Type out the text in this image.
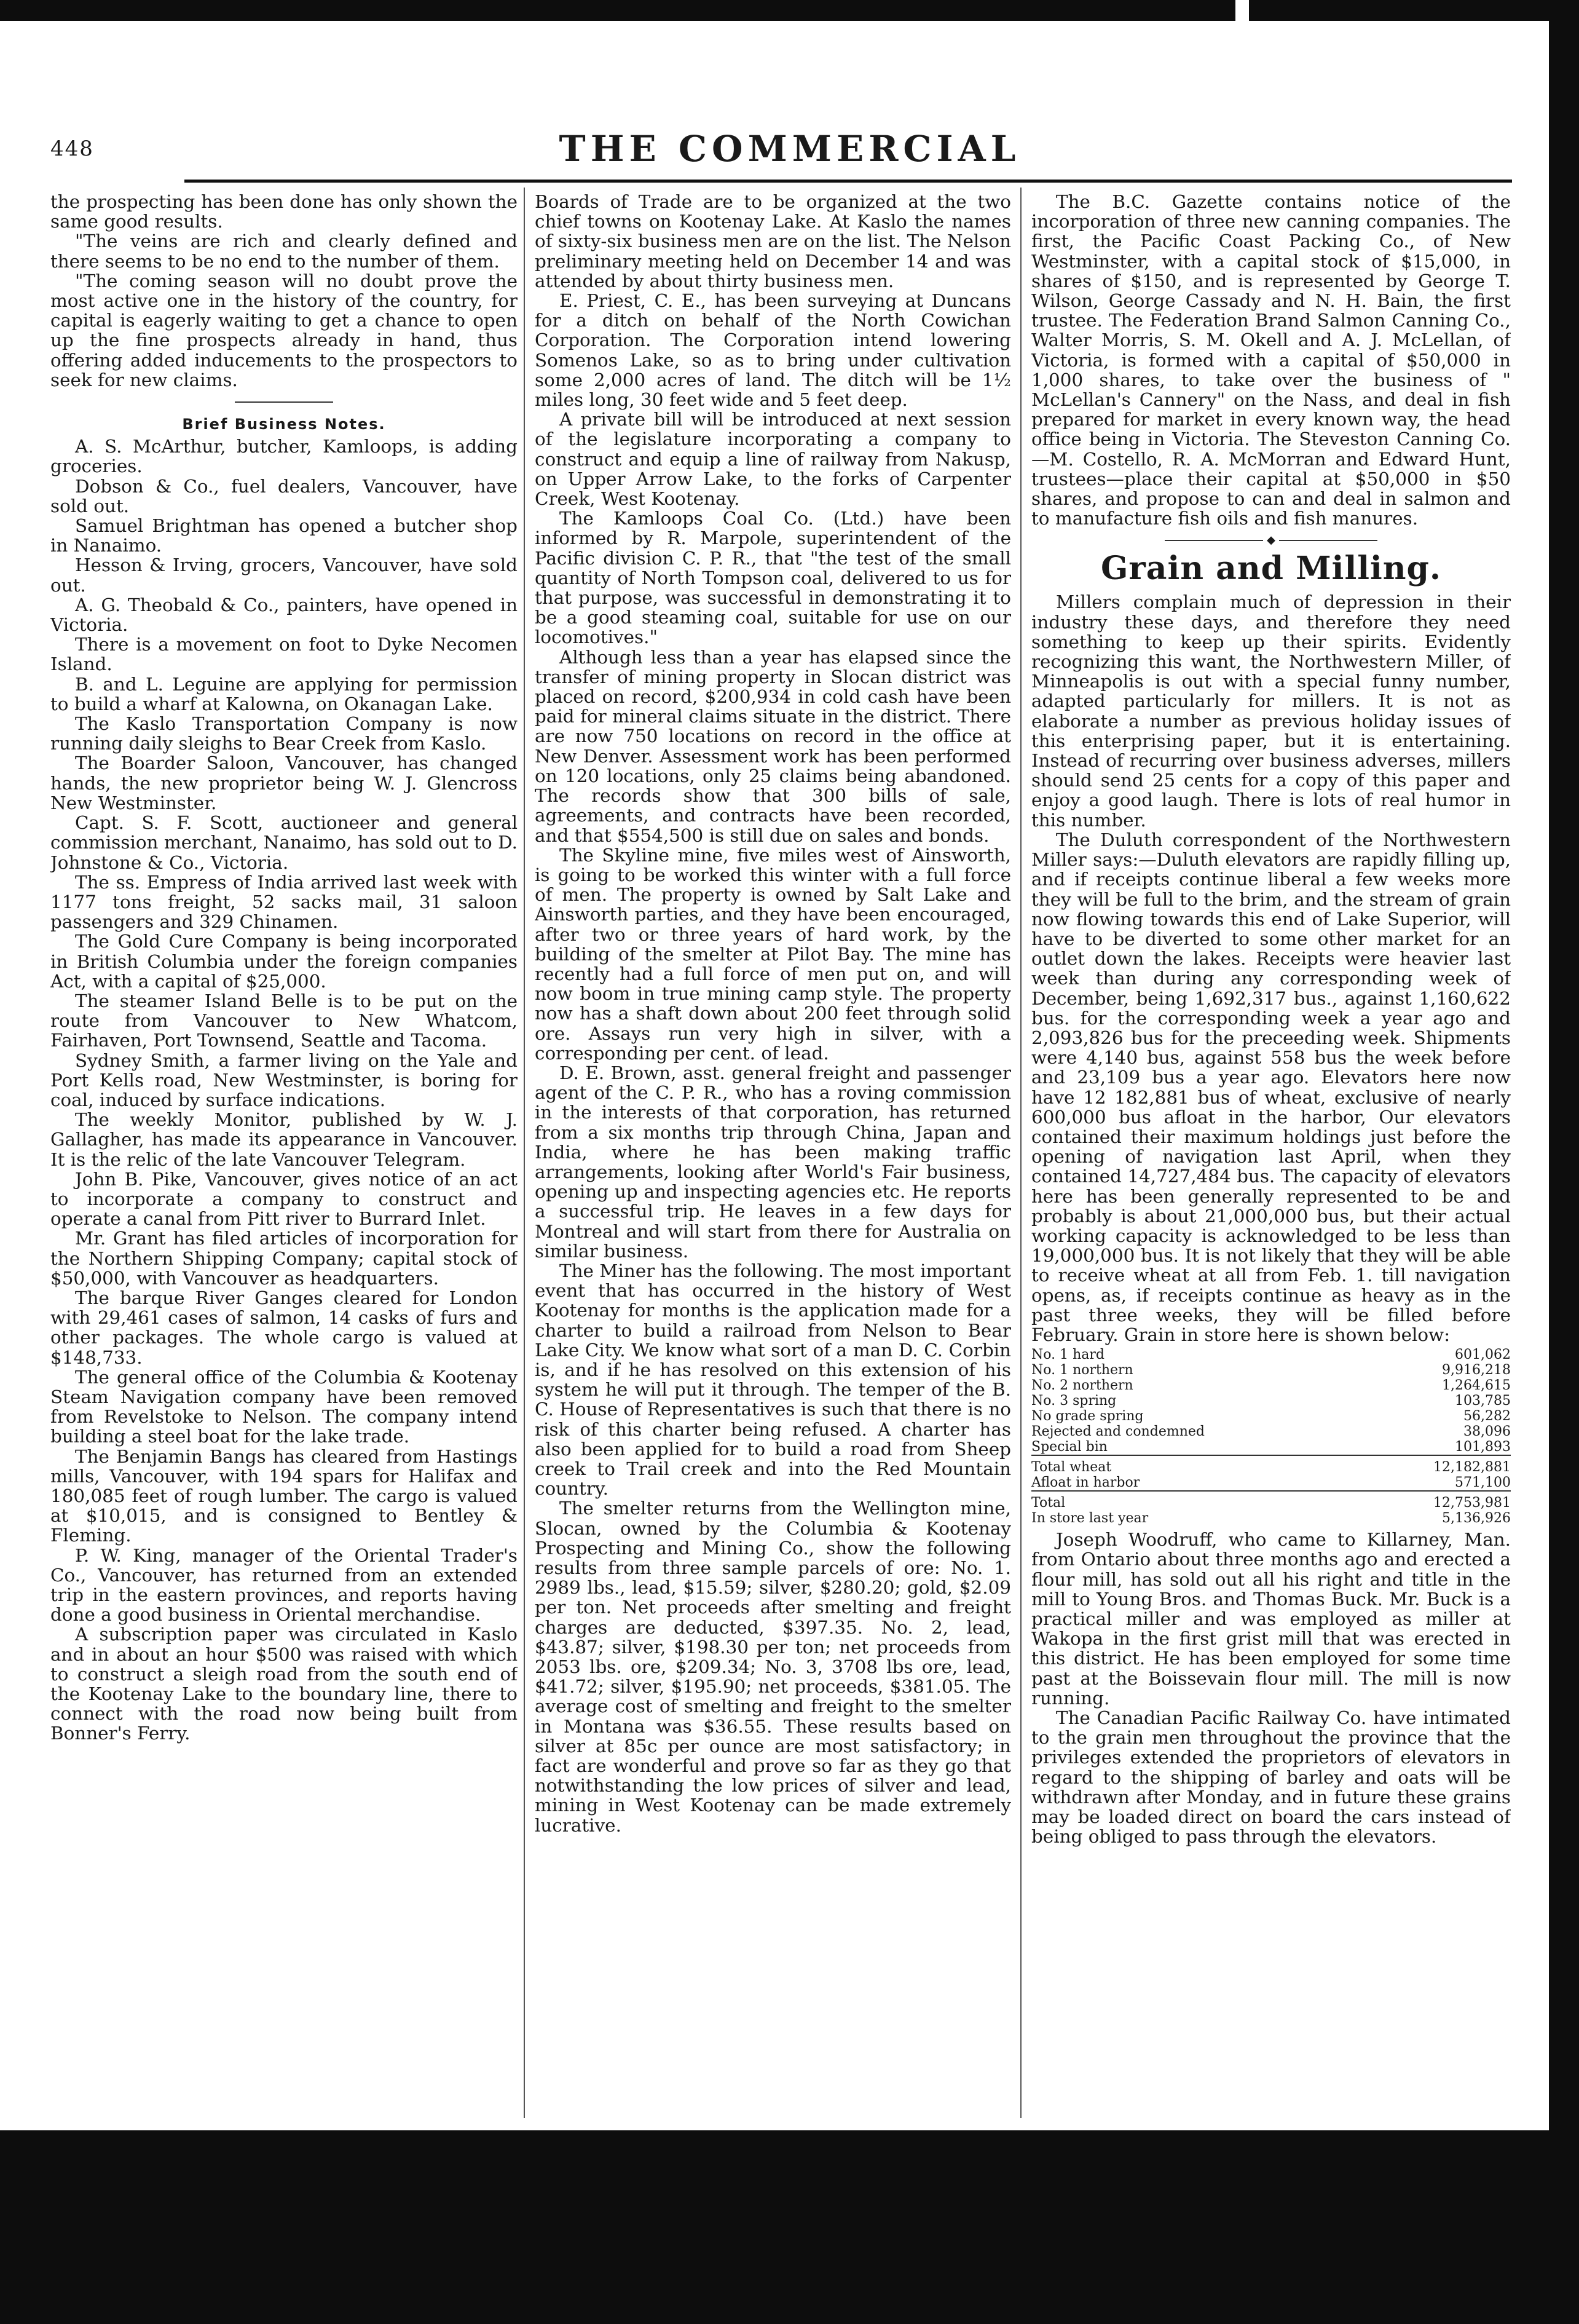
448	THE COMMERCIAL

the prospecting has been done has only shown the same good results.

"The veins are rich and clearly defined and there seems to be no end to the number of them.

"The coming season will no doubt prove the most active one in the history of the country, for capital is eagerly waiting to get a chance to open up the fine prospects already in hand, thus offering added inducements to the prospectors to seek for new claims.

Brief Business Notes.

A. S. McArthur, butcher, Kamloops, is adding groceries.

Dobson & Co., fuel dealers, Vancouver, have sold out.

Samuel Brightman has opened a butcher shop in Nanaimo.

Hesson & Irving, grocers, Vancouver, have sold out.

A. G. Theobald & Co., painters, have opened in Victoria.

There is a movement on foot to Dyke Necomen Island.

B. and L. Leguine are applying for permission to build a wharf at Kalowna, on Okanagan Lake.

The Kaslo Transportation Company is now running daily sleighs to Bear Creek from Kaslo.

The Boarder Saloon, Vancouver, has changed hands, the new proprietor being W. J. Glencross New Westminster.

Capt. S. F. Scott, auctioneer and general commission merchant, Nanaimo, has sold out to D. Johnstone & Co., Victoria.

The ss. Empress of India arrived last week with 1177 tons freight, 52 sacks mail, 31 saloon passengers and 329 Chinamen.

The Gold Cure Company is being incorporated in British Columbia under the foreign companies Act, with a capital of $25,000.

The steamer Island Belle is to be put on the route from Vancouver to New Whatcom, Fairhaven, Port Townsend, Seattle and Tacoma.

Sydney Smith, a farmer living on the Yale and Port Kells road, New Westminster, is boring for coal, induced by surface indications.

The weekly Monitor, published by W. J. Gallagher, has made its appearance in Vancouver. It is the relic of the late Vancouver Telegram.

John B. Pike, Vancouver, gives notice of an act to incorporate a company to construct and operate a canal from Pitt river to Burrard Inlet.

Mr. Grant has filed articles of incorporation for the Northern Shipping Company; capital stock of $50,000, with Vancouver as headquarters.

The barque River Ganges cleared for London with 29,461 cases of salmon, 14 casks of furs and other packages. The whole cargo is valued at $148,733.

The general office of the Columbia & Kootenay Steam Navigation company have been removed from Revelstoke to Nelson. The company intend building a steel boat for the lake trade.

The Benjamin Bangs has cleared from Hastings mills, Vancouver, with 194 spars for Halifax and 180,085 feet of rough lumber. The cargo is valued at $10,015, and is consigned to Bentley & Fleming.

P. W. King, manager of the Oriental Trader's Co., Vancouver, has returned from an extended trip in the eastern provinces, and reports having done a good business in Oriental merchandise.

A subscription paper was circulated in Kaslo and in about an hour $500 was raised with which to construct a sleigh road from the south end of the Kootenay Lake to the boundary line, there to connect with the road now being built from Bonner's Ferry.

Boards of Trade are to be organized at the two chief towns on Kootenay Lake. At Kaslo the names of sixty-six business men are on the list. The Nelson preliminary meeting held on December 14 and was attended by about thirty business men.

E. Priest, C. E., has been surveying at Duncans for a ditch on behalf of the North Cowichan Corporation. The Corporation intend lowering Somenos Lake, so as to bring under cultivation some 2,000 acres of land. The ditch will be 1½ miles long, 30 feet wide and 5 feet deep.

A private bill will be introduced at next session of the legislature incorporating a company to construct and equip a line of railway from Nakusp, on Upper Arrow Lake, to the forks of Carpenter Creek, West Kootenay.

The Kamloops Coal Co. (Ltd.) have been informed by R. Marpole, superintendent of the Pacific division C. P. R., that "the test of the small quantity of North Tompson coal, delivered to us for that purpose, was successful in demonstrating it to be a good steaming coal, suitable for use on our locomotives."

Although less than a year has elapsed since the transfer of mining property in Slocan district was placed on record, $200,934 in cold cash have been paid for mineral claims situate in the district. There are now 750 locations on record in the office at New Denver. Assessment work has been performed on 120 locations, only 25 claims being abandoned. The records show that 300 bills of sale, agreements, and contracts have been recorded, and that $554,500 is still due on sales and bonds.

The Skyline mine, five miles west of Ainsworth, is going to be worked this winter with a full force of men. The property is owned by Salt Lake and Ainsworth parties, and they have been encouraged, after two or three years of hard work, by the building of the smelter at Pilot Bay. The mine has recently had a full force of men put on, and will now boom in true mining camp style. The property now has a shaft down about 200 feet through solid ore. Assays run very high in silver, with a corresponding per cent. of lead.

D. E. Brown, asst. general freight and passenger agent of the C. P. R., who has a roving commission in the interests of that corporation, has returned from a six months trip through China, Japan and India, where he has been making traffic arrangements, looking after World's Fair business, opening up and inspecting agencies etc. He reports a successful trip. He leaves in a few days for Montreal and will start from there for Australia on similar business.

The Miner has the following. The most important event that has occurred in the history of West Kootenay for months is the application made for a charter to build a railroad from Nelson to Bear Lake City. We know what sort of a man D. C. Corbin is, and if he has resolved on this extension of his system he will put it through. The temper of the B. C. House of Representatives is such that there is no risk of this charter being refused. A charter has also been applied for to build a road from Sheep creek to Trail creek and into the Red Mountain country.

The smelter returns from the Wellington mine, Slocan, owned by the Columbia & Kootenay Prospecting and Mining Co., show the following results from three sample parcels of ore: No. 1. 2989 lbs., lead, $15.59; silver, $280.20; gold, $2.09 per ton. Net proceeds after smelting and freight charges are deducted, $397.35. No. 2, lead, $43.87; silver, $198.30 per ton; net proceeds from 2053 lbs. ore, $209.34; No. 3, 3708 lbs ore, lead, $41.72; silver, $195.90; net proceeds, $381.05. The average cost of smelting and freight to the smelter in Montana was $36.55. These results based on silver at 85c per ounce are most satisfactory; in fact are wonderful and prove so far as they go that notwithstanding the low prices of silver and lead, mining in West Kootenay can be made extremely lucrative.

The B.C. Gazette contains notice of the incorporation of three new canning companies. The first, the Pacific Coast Packing Co., of New Westminster, with a capital stock of $15,000, in shares of $150, and is represented by George T. Wilson, George Cassady and N. H. Bain, the first trustee. The Federation Brand Salmon Canning Co., Walter Morris, S. M. Okell and A. J. McLellan, of Victoria, is formed with a capital of $50,000 in 1,000 shares, to take over the business of " McLellan's Cannery" on the Nass, and deal in fish prepared for market in every known way, the head office being in Victoria. The Steveston Canning Co.—M. Costello, R. A. McMorran and Edward Hunt, trustees—place their capital at $50,000 in $50 shares, and propose to can and deal in salmon and to manufacture fish oils and fish manures.

◆
Grain and Milling.

Millers complain much of depression in their industry these days, and therefore they need something to keep up their spirits. Evidently recognizing this want, the Northwestern Miller, of Minneapolis is out with a special funny number, adapted particularly for millers. It is not as elaborate a number as previous holiday issues of this enterprising paper, but it is entertaining. Instead of recurring over business adverses, millers should send 25 cents for a copy of this paper and enjoy a good laugh. There is lots of real humor in this number.

The Duluth correspondent of the Northwestern Miller says:—Duluth elevators are rapidly filling up, and if receipts continue liberal a few weeks more they will be full to the brim, and the stream of grain now flowing towards this end of Lake Superior, will have to be diverted to some other market for an outlet down the lakes. Receipts were heavier last week than during any corresponding week of December, being 1,692,317 bus., against 1,160,622 bus. for the corresponding week a year ago and 2,093,826 bus for the preceeding week. Shipments were 4,140 bus, against 558 bus the week before and 23,109 bus a year ago. Elevators here now have 12 182,881 bus of wheat, exclusive of nearly 600,000 bus afloat in the harbor, Our elevators contained their maximum holdings just before the opening of navigation last April, when they contained 14,727,484 bus. The capacity of elevators here has been generally represented to be and probably is about 21,000,000 bus, but their actual working capacity is acknowledged to be less than 19,000,000 bus. It is not likely that they will be able to receive wheat at all from Feb. 1. till navigation opens, as, if receipts continue as heavy as in the past three weeks, they will be filled before February. Grain in store here is shown below:

No. 1 hard	601,062
No. 1 northern	9,916,218
No. 2 northern	1,264,615
No. 3 spring	103,785
No grade spring	56,282
Rejected and condemned	38,096
Special bin	101,893

Total wheat	12,182,881
Afloat in harbor	571,100

Total	12,753,981
In store last year	5,136,926

Joseph Woodruff, who came to Killarney, Man. from Ontario about three months ago and erected a flour mill, has sold out all his right and title in the mill to Young Bros. and Thomas Buck. Mr. Buck is a practical miller and was employed as miller at Wakopa in the first grist mill that was erected in this district. He has been employed for some time past at the Boissevain flour mill. The mill is now running.

The Canadian Pacific Railway Co. have intimated to the grain men throughout the province that the privileges extended the proprietors of elevators in regard to the shipping of barley and oats will be withdrawn after Monday, and in future these grains may be loaded direct on board the cars instead of being obliged to pass through the elevators.
